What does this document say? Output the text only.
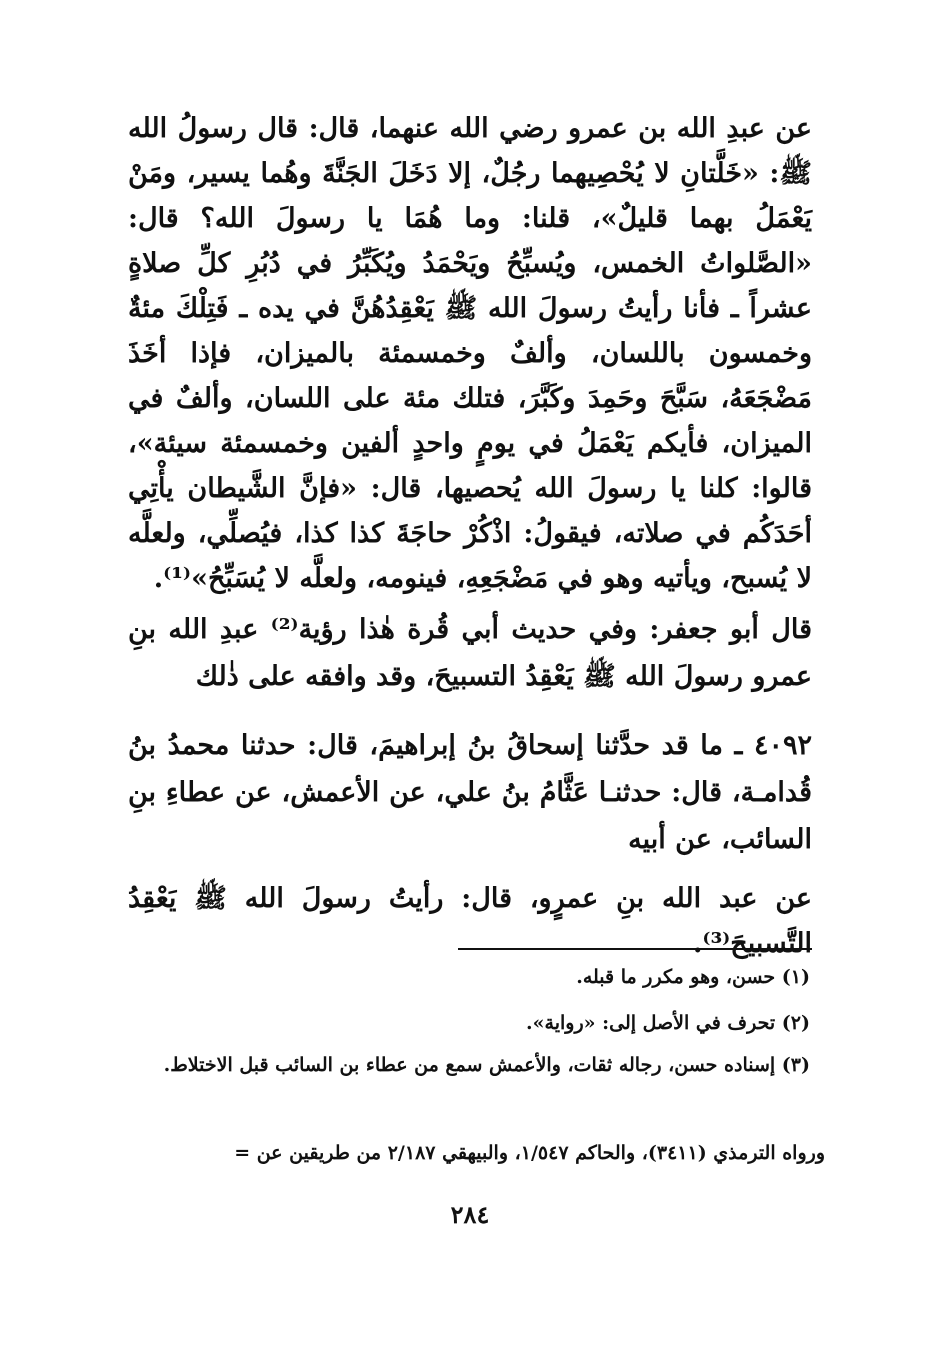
عن عبدِ الله بن عمرو رضي الله عنهما، قال: قال رسولُ الله ﷺ: «خَلَّتانِ لا يُحْصِيهما رجُلٌ، إلا دَخَلَ الجَنَّةَ وهُما يسير، ومَنْ يَعْمَلُ بهما قليلٌ»، قلنا: وما هُمَا يا رسولَ الله؟ قال: «الصَّلواتُ الخمس، ويُسبِّحُ ويَحْمَدُ ويُكَبِّرُ في دُبُرِ كلِّ صلاةٍ عشراً ـ فأنا رأيتُ رسولَ الله ﷺ يَعْقِدُهُنَّ في يده ـ فَتِلْكَ مئةٌ وخمسون باللسان، وألفٌ وخمسمئة بالميزان، فإذا أخَذَ مَضْجَعَهُ، سَبَّحَ وحَمِدَ وكَبَّرَ، فتلك مئة على اللسان، وألفٌ في الميزان، فأيكم يَعْمَلُ في يومٍ واحدٍ ألفين وخمسمئة سيئة»، قالوا: كلنا يا رسولَ الله يُحصيها، قال: «فإنَّ الشَّيطان يأْتِي أحَدَكُم في صلاته، فيقولُ: اذْكُرْ حاجَةَ كذا كذا، فيُصلِّي، ولعلَّه لا يُسبح، ويأتيه وهو في مَضْجَعِهِ، فينومه، ولعلَّه لا يُسَبِّحُ»⁽¹⁾.
قال أبو جعفر: وفي حديث أبي قُرة هٰذا رؤية⁽²⁾ عبدِ الله بنِ عمرو رسولَ الله ﷺ يَعْقِدُ التسبيحَ، وقد وافقه على ذٰلك
٤٠٩٢ ـ ما قد حدَّثنا إسحاقُ بنُ إبراهيمَ، قال: حدثنا محمدُ بنُ قُدامـة، قال: حدثنـا عَثَّامُ بنُ علي، عن الأعمش، عن عطاءِ بنِ السائب، عن أبيه
عن عبد الله بنِ عمرٍو، قال: رأيتُ رسولَ الله ﷺ يَعْقِدُ التَّسبيحَ⁽³⁾.
(١) حسن، وهو مكرر ما قبله.
(٢) تحرف في الأصل إلى: «رواية».
(٣) إسناده حسن، رجاله ثقات، والأعمش سمع من عطاء بن السائب قبل الاختلاط.
ورواه الترمذي (٣٤١١)، والحاكم ١/٥٤٧، والبيهقي ٢/١٨٧ من طريقين عن =
٢٨٤
